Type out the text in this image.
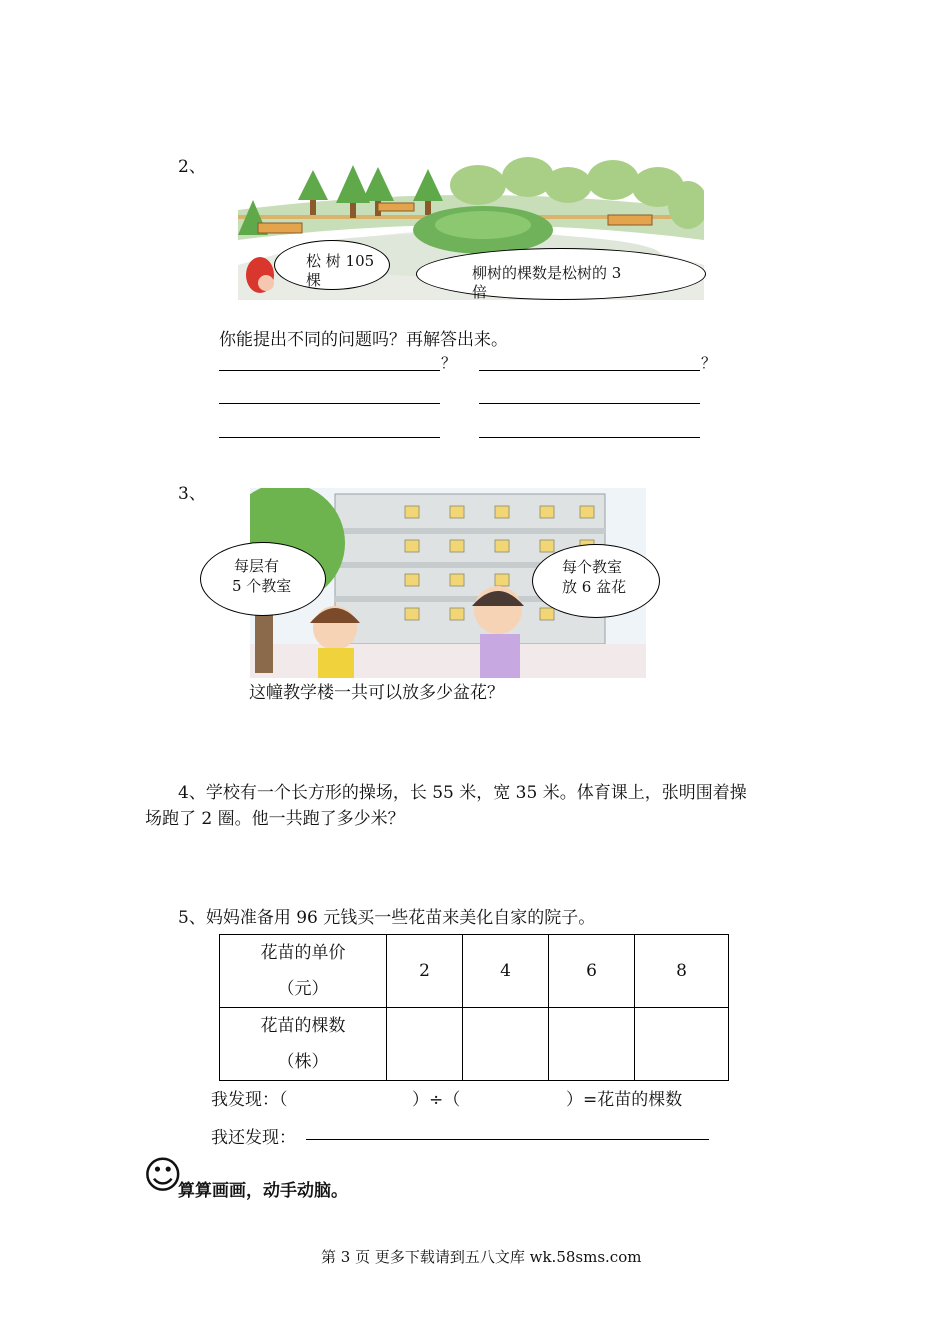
2、
松 树 105
棵	柳树的棵数是松树的 3
倍
你能提出不同的问题吗？再解答出来。
？	？
3、
每层有
5 个教室
每个教室
放 6 盆花
这幢教学楼一共可以放多少盆花？
4、学校有一个长方形的操场，长 55 米，宽 35 米。体育课上，张明围着操
场跑了 2 圈。他一共跑了多少米？
5、妈妈准备用 96 元钱买一些花苗来美化自家的院子。
花苗的单价
（元）	2	4	6	8

花苗的棵数
（株）				

我发现：（	）÷（	）=花苗的棵数
我还发现：
☺
算算画画，动手动脑。
第 3 页 更多下载请到五八文库 wk.58sms.com
